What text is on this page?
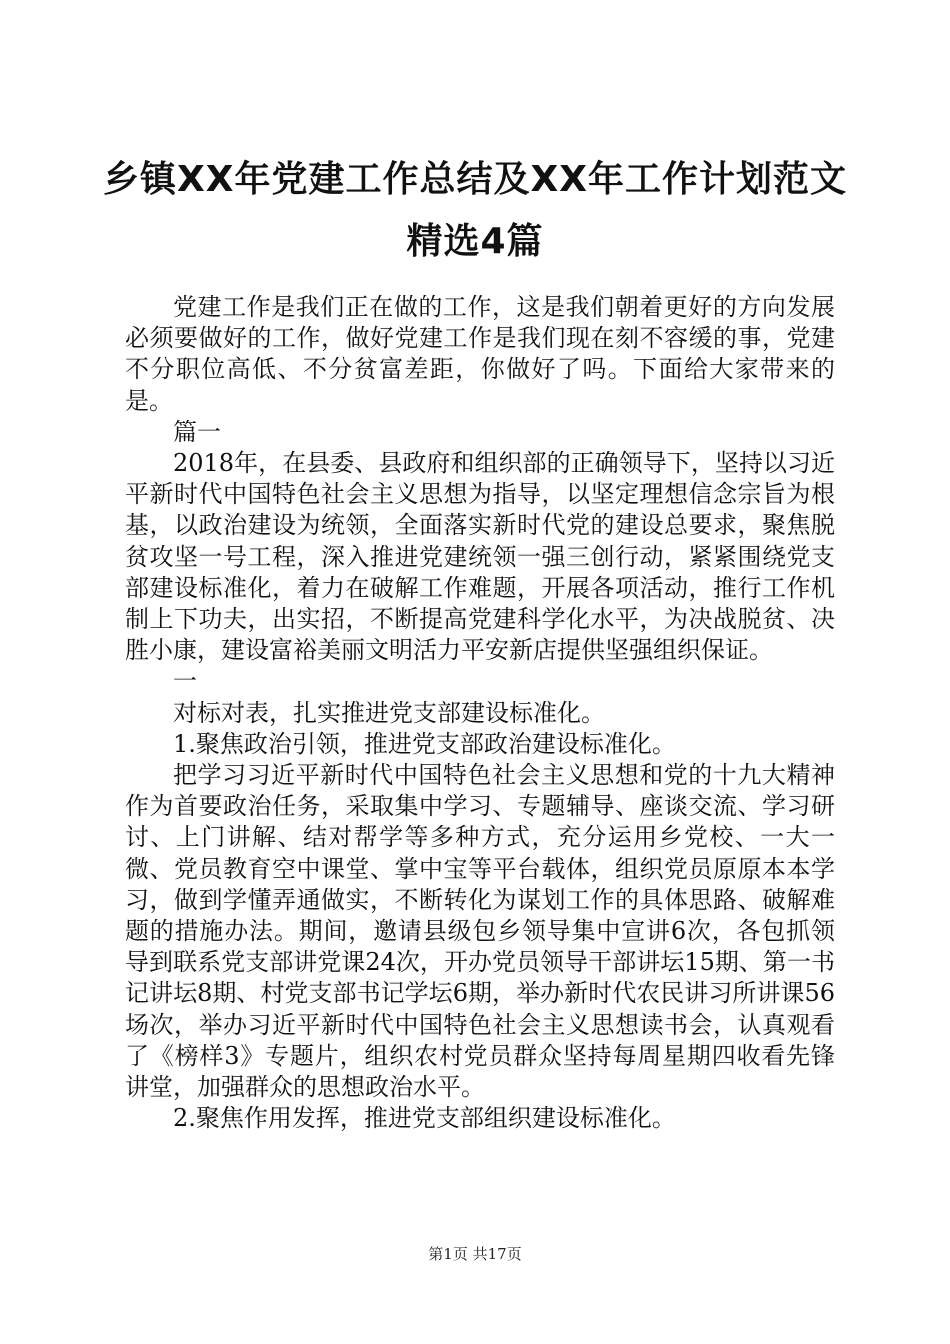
乡镇XX年党建工作总结及XX年工作计划范文
精选4篇

党建工作是我们正在做的工作，这是我们朝着更好的方向发展必须要做好的工作，做好党建工作是我们现在刻不容缓的事，党建不分职位高低、不分贫富差距，你做好了吗。下面给大家带来的是。

篇一

2018年，在县委、县政府和组织部的正确领导下，坚持以习近平新时代中国特色社会主义思想为指导，以坚定理想信念宗旨为根基，以政治建设为统领，全面落实新时代党的建设总要求，聚焦脱贫攻坚一号工程，深入推进党建统领一强三创行动，紧紧围绕党支部建设标准化，着力在破解工作难题，开展各项活动，推行工作机制上下功夫，出实招，不断提高党建科学化水平，为决战脱贫、决胜小康，建设富裕美丽文明活力平安新店提供坚强组织保证。

一

对标对表，扎实推进党支部建设标准化。

1.聚焦政治引领，推进党支部政治建设标准化。

把学习习近平新时代中国特色社会主义思想和党的十九大精神作为首要政治任务，采取集中学习、专题辅导、座谈交流、学习研讨、上门讲解、结对帮学等多种方式，充分运用乡党校、一大一微、党员教育空中课堂、掌中宝等平台载体，组织党员原原本本学习，做到学懂弄通做实，不断转化为谋划工作的具体思路、破解难题的措施办法。期间，邀请县级包乡领导集中宣讲6次，各包抓领导到联系党支部讲党课24次，开办党员领导干部讲坛15期、第一书记讲坛8期、村党支部书记学坛6期，举办新时代农民讲习所讲课56场次，举办习近平新时代中国特色社会主义思想读书会，认真观看了《榜样3》专题片，组织农村党员群众坚持每周星期四收看先锋讲堂，加强群众的思想政治水平。

2.聚焦作用发挥，推进党支部组织建设标准化。

第1页 共17页
